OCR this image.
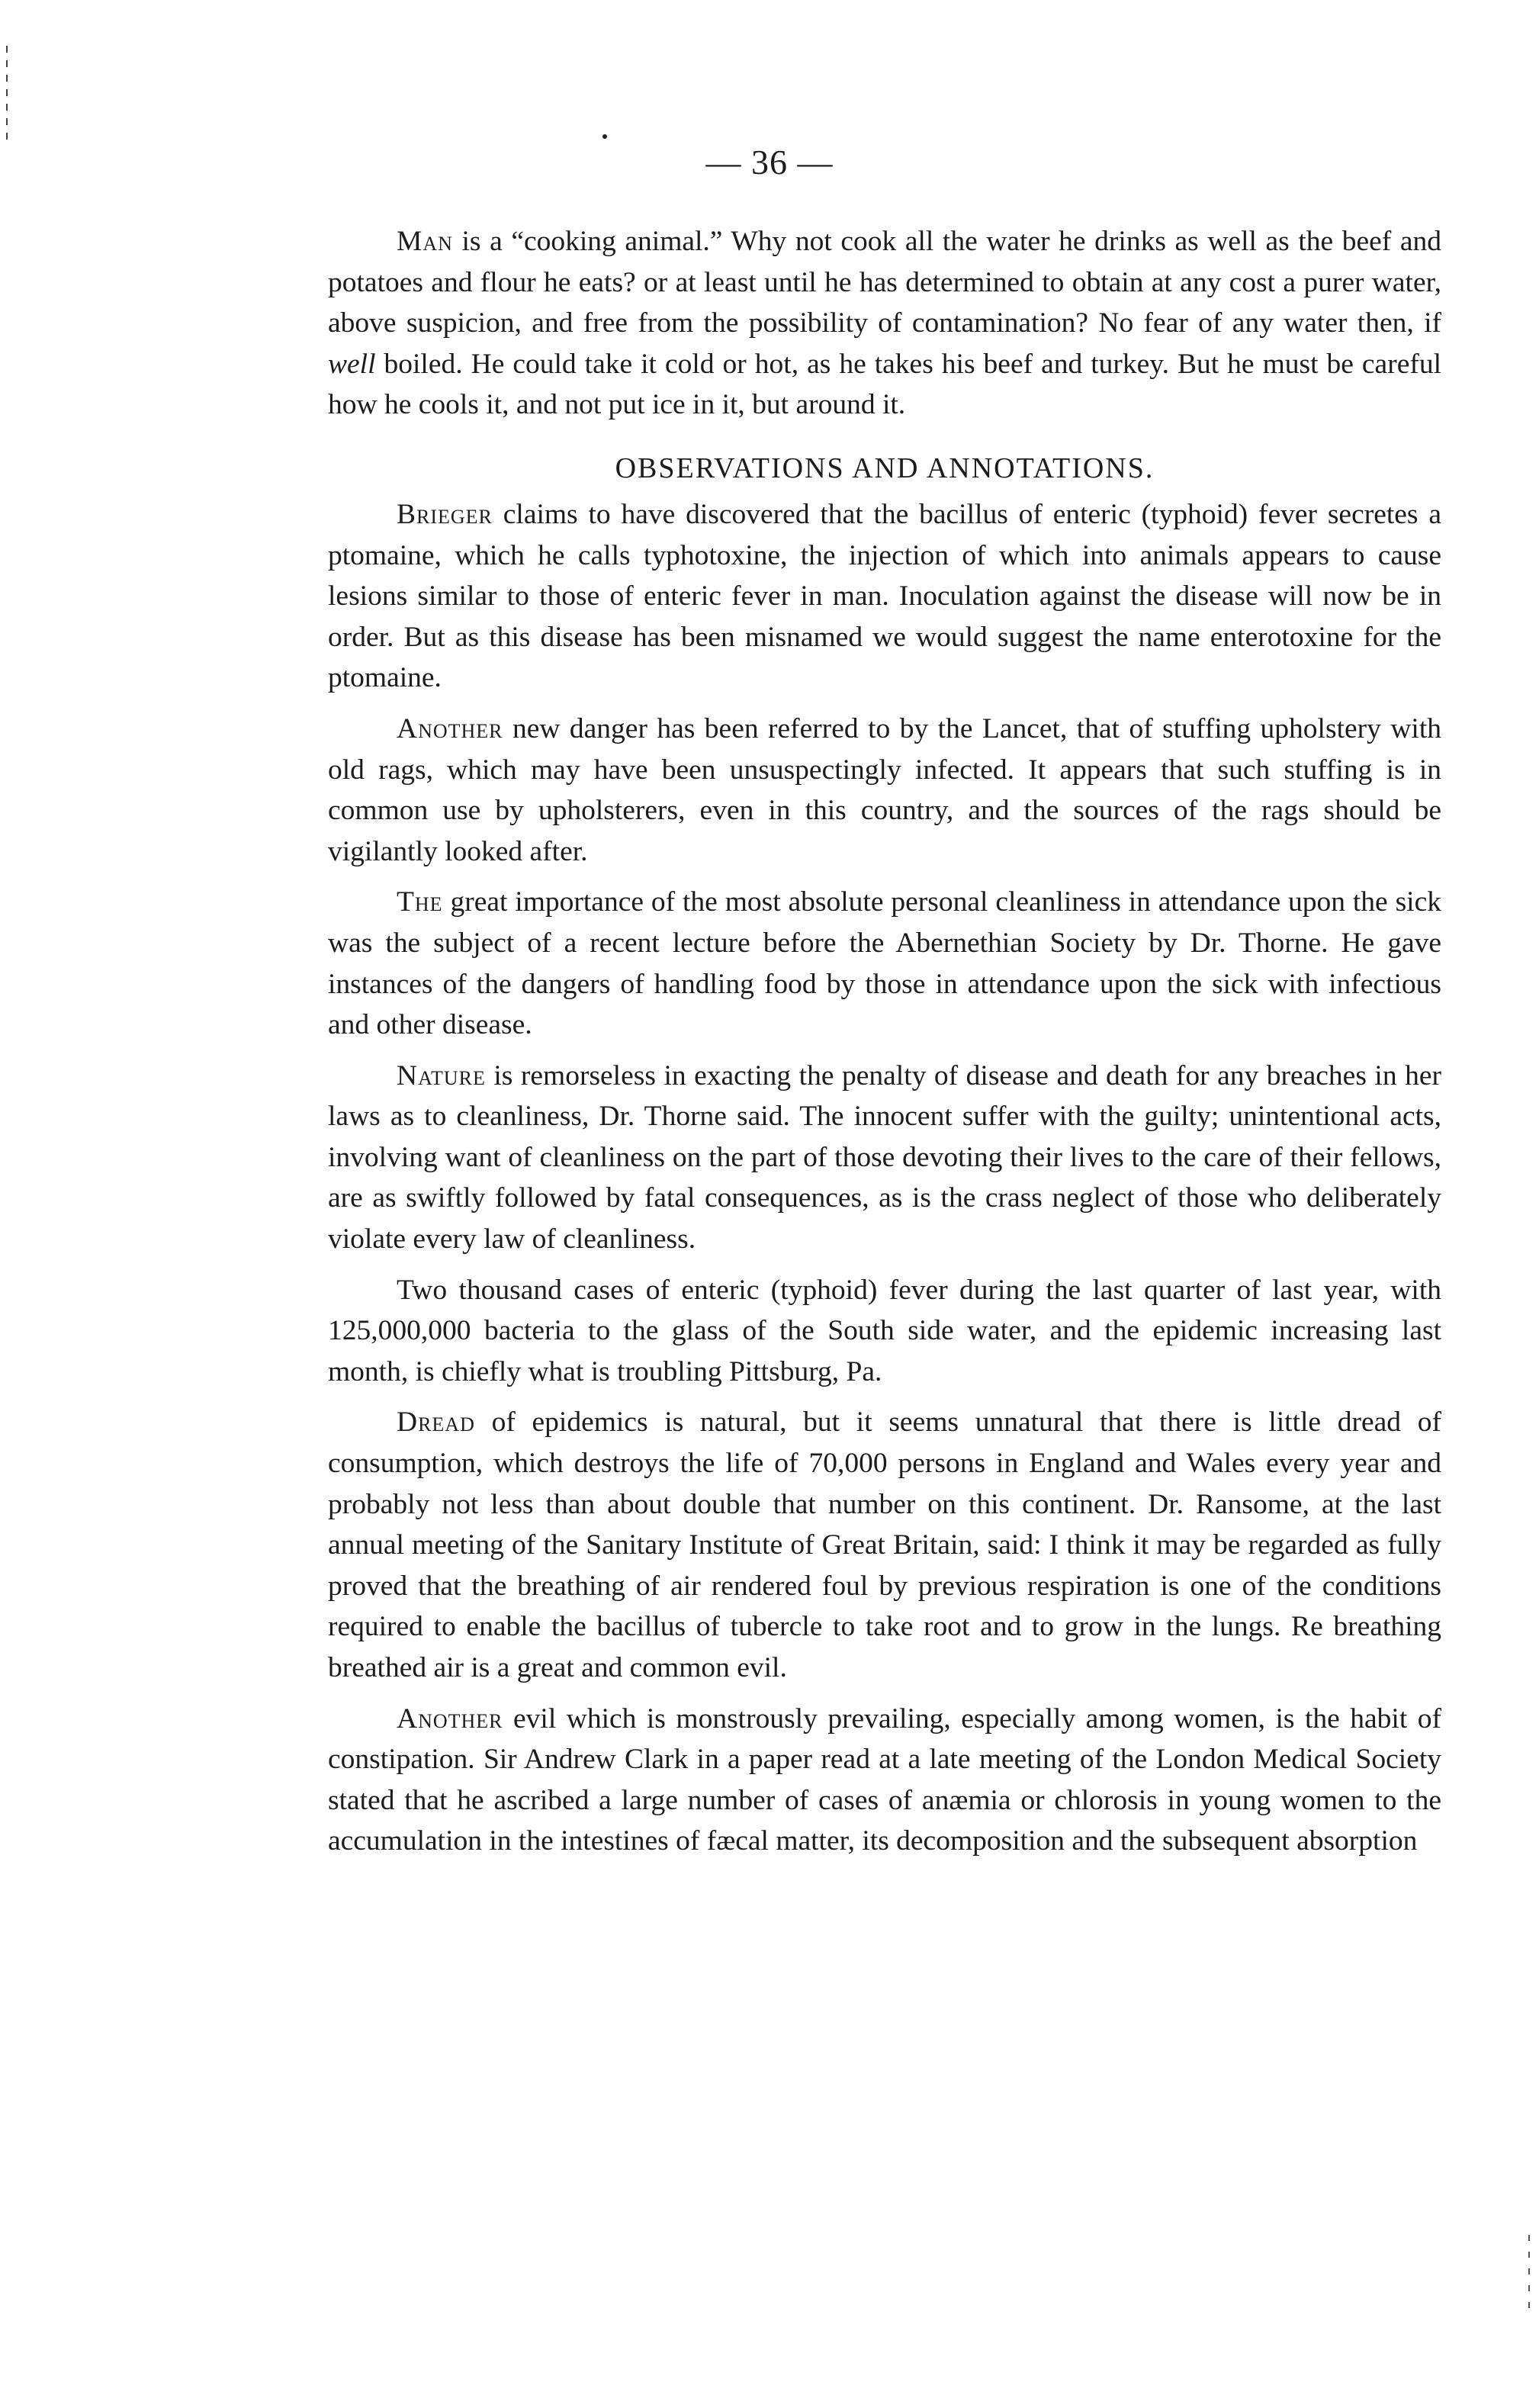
— 36 —

Man is a “cooking animal.” Why not cook all the water he drinks as well as the beef and potatoes and flour he eats? or at least until he has determined to obtain at any cost a purer water, above suspicion, and free from the possibility of contamination? No fear of any water then, if well boiled. He could take it cold or hot, as he takes his beef and turkey. But he must be careful how he cools it, and not put ice in it, but around it.

OBSERVATIONS AND ANNOTATIONS.

Brieger claims to have discovered that the bacillus of enteric (typhoid) fever secretes a ptomaine, which he calls typhotoxine, the injection of which into animals appears to cause lesions similar to those of enteric fever in man. Inoculation against the disease will now be in order. But as this disease has been misnamed we would suggest the name enterotoxine for the ptomaine.

Another new danger has been referred to by the Lancet, that of stuffing upholstery with old rags, which may have been unsuspectingly infected. It appears that such stuffing is in common use by upholsterers, even in this country, and the sources of the rags should be vigilantly looked after.

The great importance of the most absolute personal cleanliness in attendance upon the sick was the subject of a recent lecture before the Abernethian Society by Dr. Thorne. He gave instances of the dangers of handling food by those in attendance upon the sick with infectious and other disease.

Nature is remorseless in exacting the penalty of disease and death for any breaches in her laws as to cleanliness, Dr. Thorne said. The innocent suffer with the guilty; unintentional acts, involving want of cleanliness on the part of those devoting their lives to the care of their fellows, are as swiftly followed by fatal consequences, as is the crass neglect of those who deliberately violate every law of cleanliness.

Two thousand cases of enteric (typhoid) fever during the last quarter of last year, with 125,000,000 bacteria to the glass of the South side water, and the epidemic increasing last month, is chiefly what is troubling Pittsburg, Pa.

Dread of epidemics is natural, but it seems unnatural that there is little dread of consumption, which destroys the life of 70,000 persons in England and Wales every year and probably not less than about double that number on this continent. Dr. Ransome, at the last annual meeting of the Sanitary Institute of Great Britain, said: I think it may be regarded as fully proved that the breathing of air rendered foul by previous respiration is one of the conditions required to enable the bacillus of tubercle to take root and to grow in the lungs. Re breathing breathed air is a great and common evil.

Another evil which is monstrously prevailing, especially among women, is the habit of constipation. Sir Andrew Clark in a paper read at a late meeting of the London Medical Society stated that he ascribed a large number of cases of anæmia or chlorosis in young women to the accumulation in the intestines of fæcal matter, its decomposition and the subsequent absorption
